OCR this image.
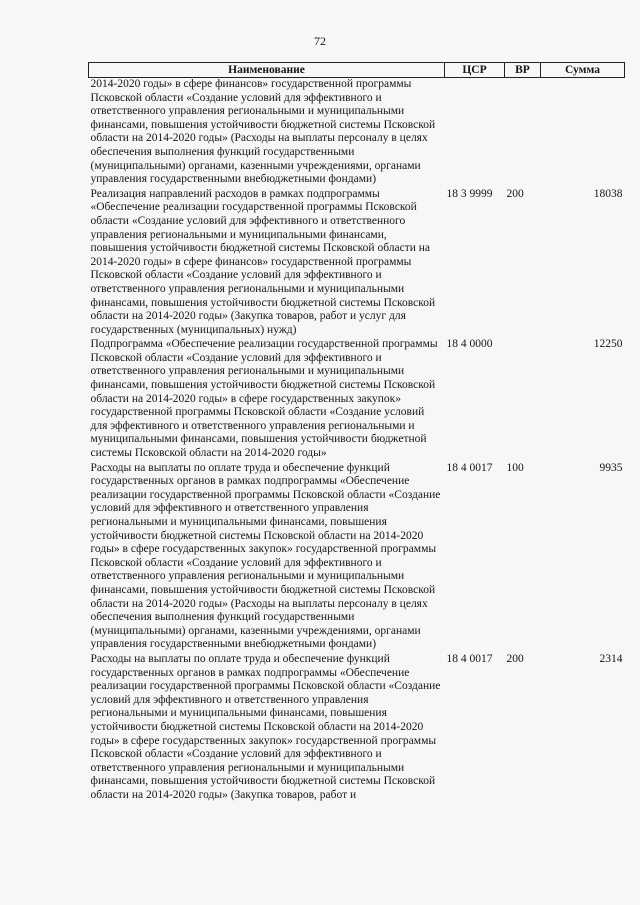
72
Наименование	ЦСР	ВР	Сумма
2014-2020 годы» в сфере финансов» государственной программы Псковской области «Создание условий для эффективного и ответственного управления региональными и муниципальными финансами, повышения устойчивости бюджетной системы Псковской области на 2014-2020 годы» (Расходы на выплаты персоналу в целях обеспечения выполнения функций государственными (муниципальными) органами, казенными учреждениями, органами управления государственными внебюджетными фондами)			
Реализация направлений расходов в рамках подпрограммы «Обеспечение реализации государственной программы Псковской области «Создание условий для эффективного и ответственного управления региональными и муниципальными финансами, повышения устойчивости бюджетной системы Псковской области на 2014-2020 годы» в сфере финансов» государственной программы Псковской области «Создание условий для эффективного и ответственного управления региональными и муниципальными финансами, повышения устойчивости бюджетной системы Псковской области на 2014-2020 годы» (Закупка товаров, работ и услуг для государственных (муниципальных) нужд)	18 3 9999	200	18038
Подпрограмма «Обеспечение реализации государственной программы Псковской области «Создание условий для эффективного и ответственного управления региональными и муниципальными финансами, повышения устойчивости бюджетной системы Псковской области на 2014-2020 годы» в сфере государственных закупок» государственной программы Псковской области «Создание условий для эффективного и ответственного управления региональными и муниципальными финансами, повышения устойчивости бюджетной системы Псковской области на 2014-2020 годы»	18 4 0000		12250
Расходы на выплаты по оплате труда и обеспечение функций государственных органов в рамках подпрограммы «Обеспечение реализации государственной программы Псковской области «Создание условий для эффективного и ответственного управления региональными и муниципальными финансами, повышения устойчивости бюджетной системы Псковской области на 2014-2020 годы» в сфере государственных закупок» государственной программы Псковской области «Создание условий для эффективного и ответственного управления региональными и муниципальными финансами, повышения устойчивости бюджетной системы Псковской области на 2014-2020 годы» (Расходы на выплаты персоналу в целях обеспечения выполнения функций государственными (муниципальными) органами, казенными учреждениями, органами управления государственными внебюджетными фондами)	18 4 0017	100	9935
Расходы на выплаты по оплате труда и обеспечение функций государственных органов в рамках подпрограммы «Обеспечение реализации государственной программы Псковской области «Создание условий для эффективного и ответственного управления региональными и муниципальными финансами, повышения устойчивости бюджетной системы Псковской области на 2014-2020 годы» в сфере государственных закупок» государственной программы Псковской области «Создание условий для эффективного и ответственного управления региональными и муниципальными финансами, повышения устойчивости бюджетной системы Псковской области на 2014-2020 годы» (Закупка товаров, работ и	18 4 0017	200	2314
